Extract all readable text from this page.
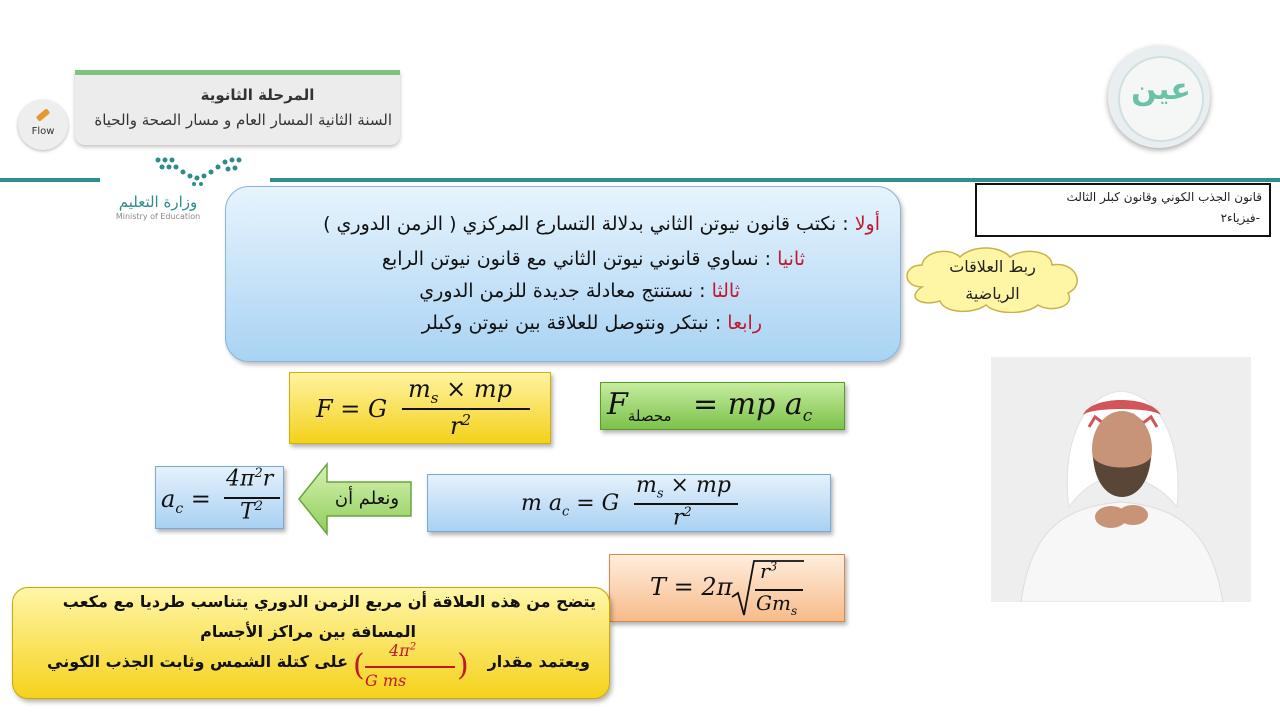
المرحلة الثانوية
السنة الثانية المسار العام و مسار الصحة والحياة
Flow
وزارة التعليم
Ministry of Education
عين
قانون الجذب الكوني وقانون كبلر الثالث
-فيزياء٢
أولا : نكتب قانون نيوتن الثاني بدلالة التسارع المركزي ( الزمن الدوري )
ثانيا : نساوي قانوني نيوتن الثاني مع قانون نيوتن الرابع
ثالثا : نستنتج معادلة جديدة للزمن الدوري
رابعا : نبتكر ونتوصل للعلاقة بين نيوتن وكبلر
ربط العلاقات
الرياضية
F = G
$m_s$ × mp
$r^2$	$F_{محصلة}$ = mp $a_c$
$a_c$ =
$4\pi^2r$
$T^2$	ونعلم أن	m $a_c = G$
$m_s$ × mp
$r^2$
T = 2π
$r^3$
$Gm_s$
يتضح من هذه العلاقة أن مربع الزمن الدوري يتناسب طرديا مع مكعب
المسافة بين مراكز الأجسام
ويعتمد مقدار
على كتلة الشمس وثابت الجذب الكوني ( $4\pi^2$
G ms )
